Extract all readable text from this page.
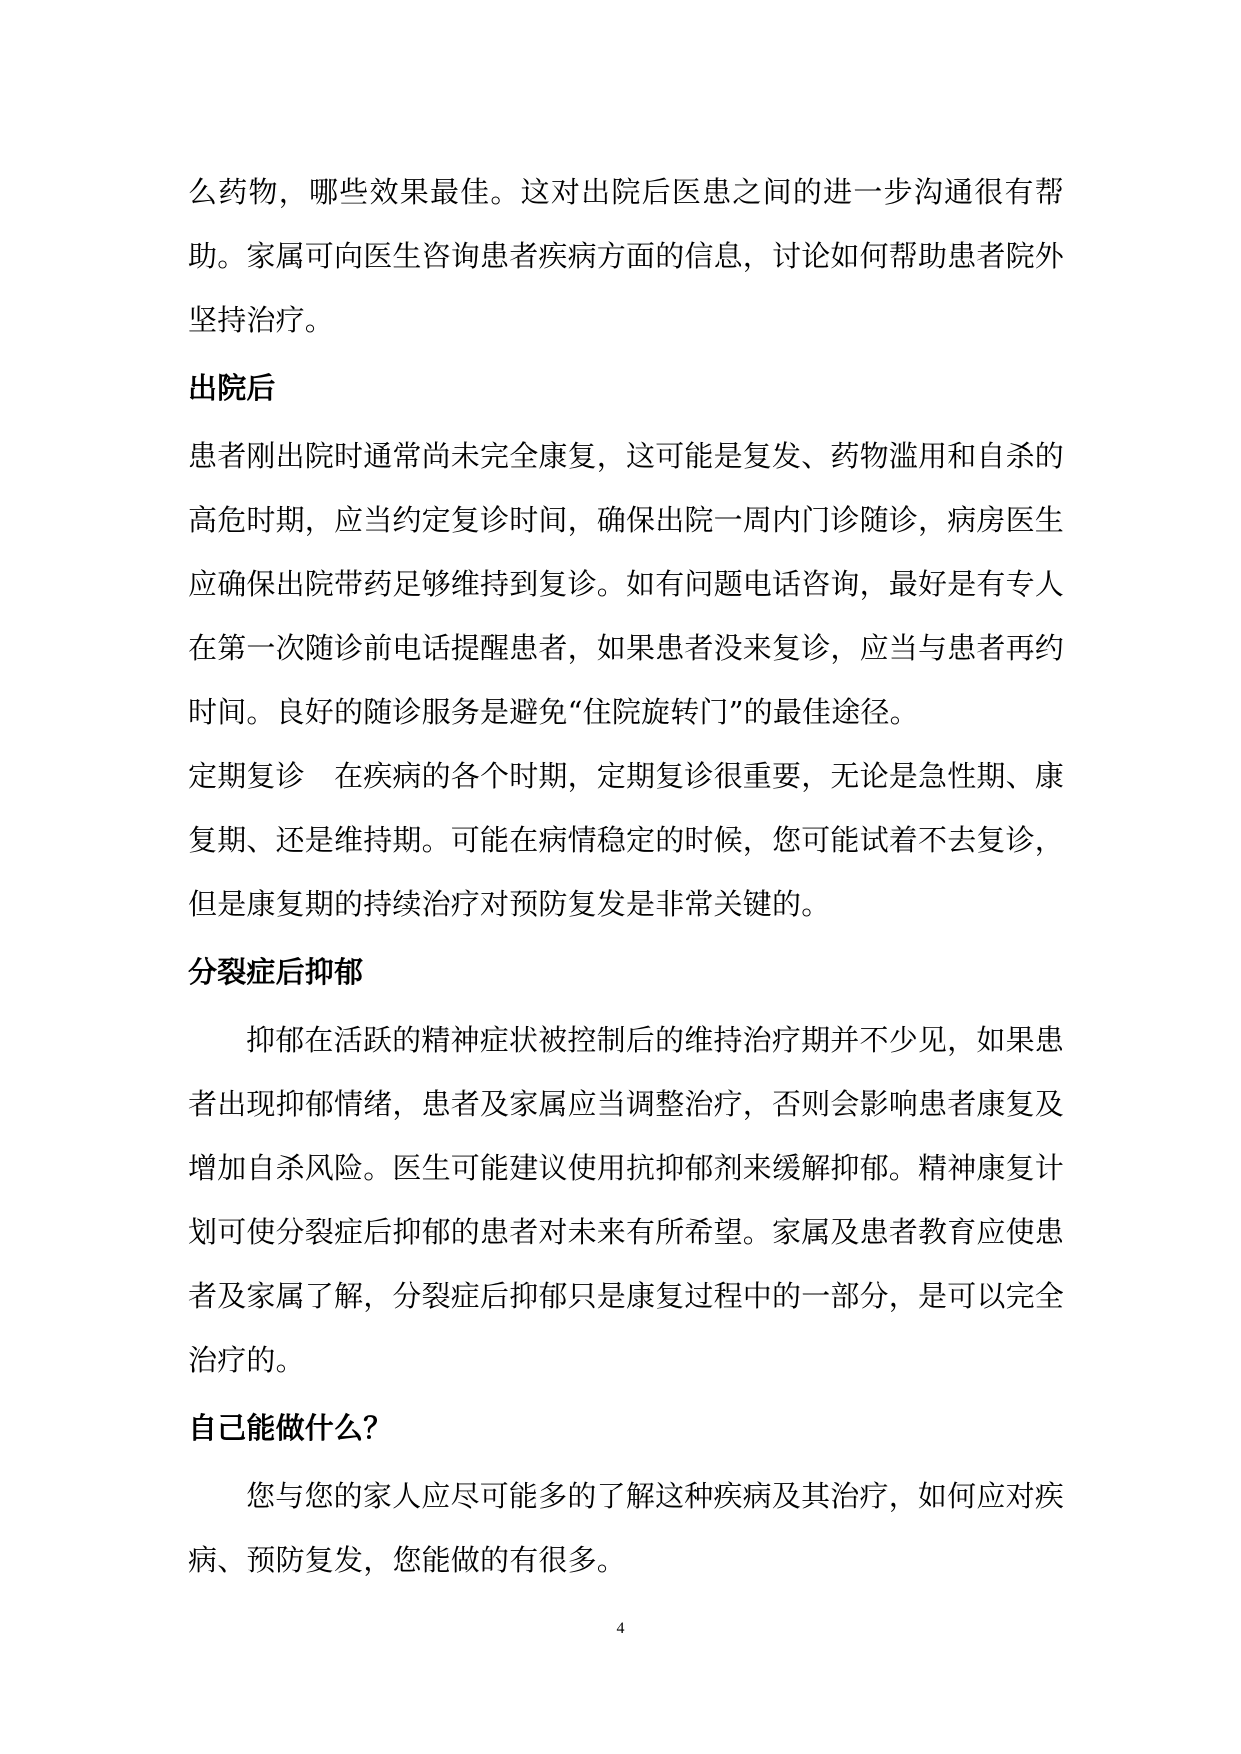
么药物，哪些效果最佳。这对出院后医患之间的进一步沟通很有帮助。家属可向医生咨询患者疾病方面的信息，讨论如何帮助患者院外坚持治疗。

出院后

患者刚出院时通常尚未完全康复，这可能是复发、药物滥用和自杀的高危时期，应当约定复诊时间，确保出院一周内门诊随诊，病房医生应确保出院带药足够维持到复诊。如有问题电话咨询，最好是有专人在第一次随诊前电话提醒患者，如果患者没来复诊，应当与患者再约时间。良好的随诊服务是避免“住院旋转门”的最佳途径。

定期复诊　在疾病的各个时期，定期复诊很重要，无论是急性期、康复期、还是维持期。可能在病情稳定的时候，您可能试着不去复诊，但是康复期的持续治疗对预防复发是非常关键的。

分裂症后抑郁

抑郁在活跃的精神症状被控制后的维持治疗期并不少见，如果患者出现抑郁情绪，患者及家属应当调整治疗，否则会影响患者康复及增加自杀风险。医生可能建议使用抗抑郁剂来缓解抑郁。精神康复计划可使分裂症后抑郁的患者对未来有所希望。家属及患者教育应使患者及家属了解，分裂症后抑郁只是康复过程中的一部分，是可以完全治疗的。

自己能做什么？

您与您的家人应尽可能多的了解这种疾病及其治疗，如何应对疾病、预防复发，您能做的有很多。

4
